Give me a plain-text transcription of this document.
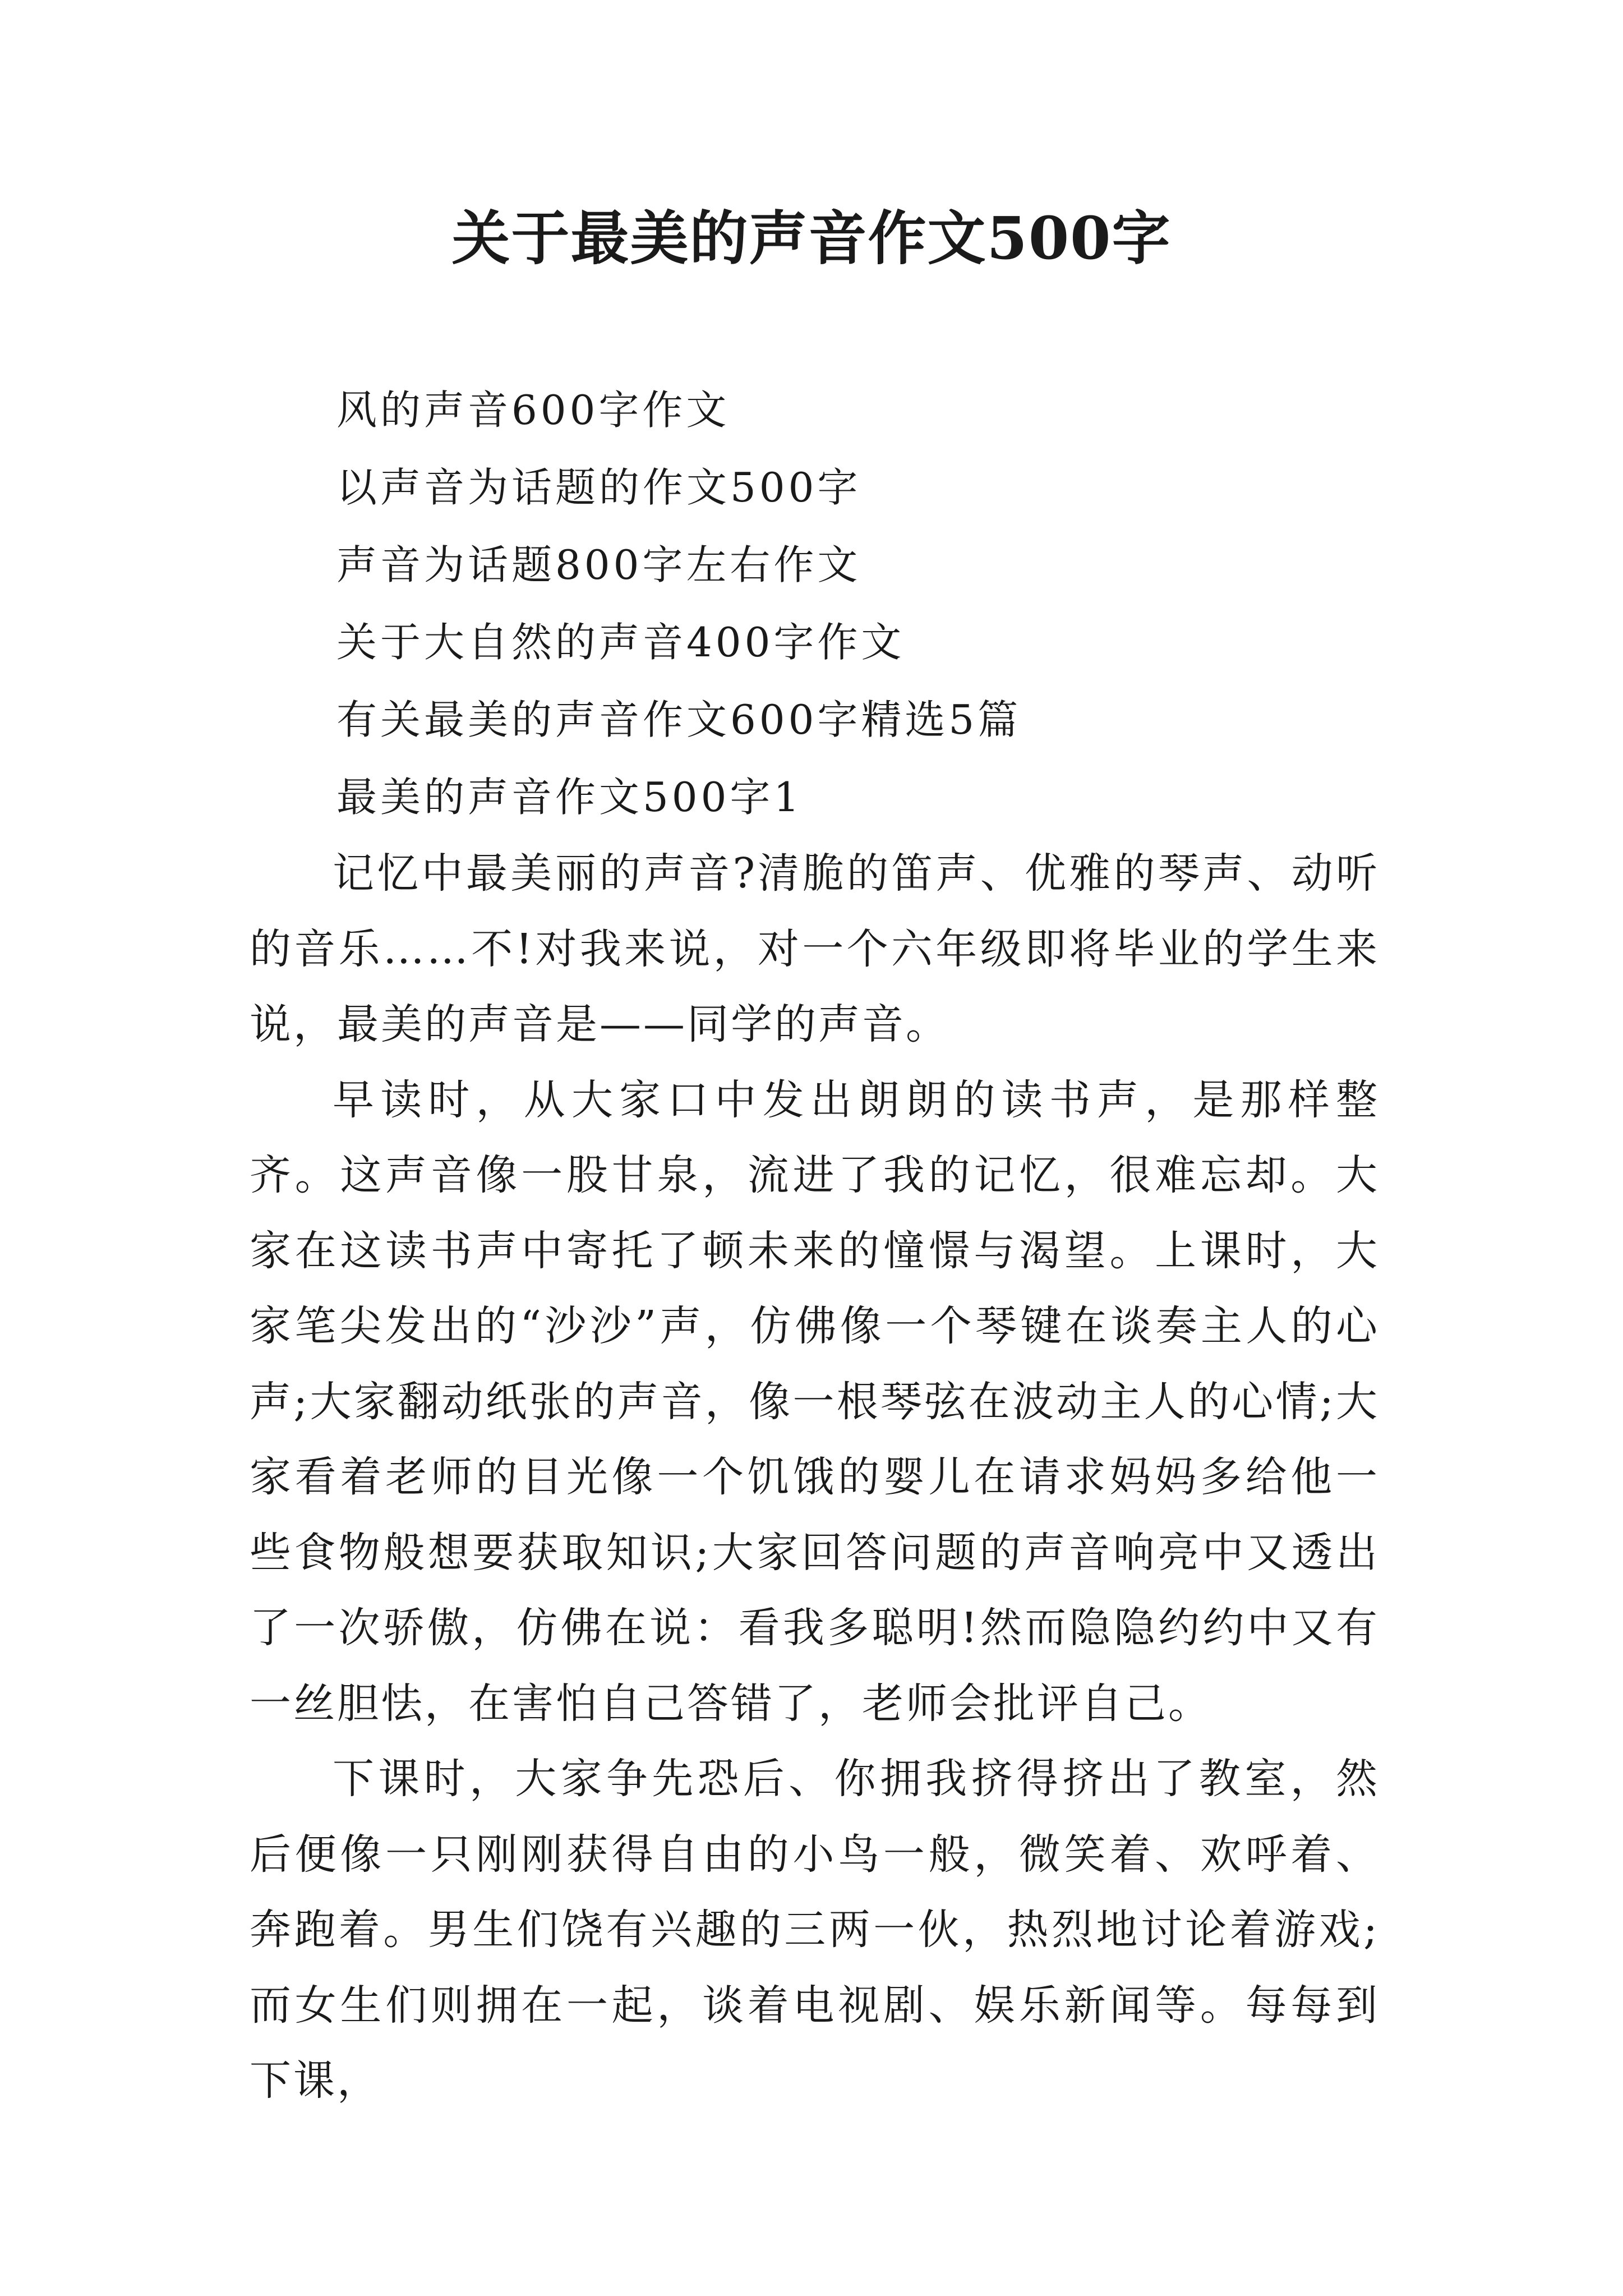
关于最美的声音作文500字
风的声音600字作文
以声音为话题的作文500字
声音为话题800字左右作文
关于大自然的声音400字作文
有关最美的声音作文600字精选5篇
最美的声音作文500字1

记忆中最美丽的声音?清脆的笛声、优雅的琴声、动听的音乐……不!对我来说，对一个六年级即将毕业的学生来说，最美的声音是——同学的声音。

早读时，从大家口中发出朗朗的读书声，是那样整齐。这声音像一股甘泉，流进了我的记忆，很难忘却。大家在这读书声中寄托了顿未来的憧憬与渴望。上课时，大家笔尖发出的“沙沙”声，仿佛像一个琴键在谈奏主人的心声;大家翻动纸张的声音，像一根琴弦在波动主人的心情;大家看着老师的目光像一个饥饿的婴儿在请求妈妈多给他一些食物般想要获取知识;大家回答问题的声音响亮中又透出了一次骄傲，仿佛在说：看我多聪明!然而隐隐约约中又有一丝胆怯，在害怕自己答错了，老师会批评自己。

下课时，大家争先恐后、你拥我挤得挤出了教室，然后便像一只刚刚获得自由的小鸟一般，微笑着、欢呼着、奔跑着。男生们饶有兴趣的三两一伙，热烈地讨论着游戏;而女生们则拥在一起，谈着电视剧、娱乐新闻等。每每到下课，
